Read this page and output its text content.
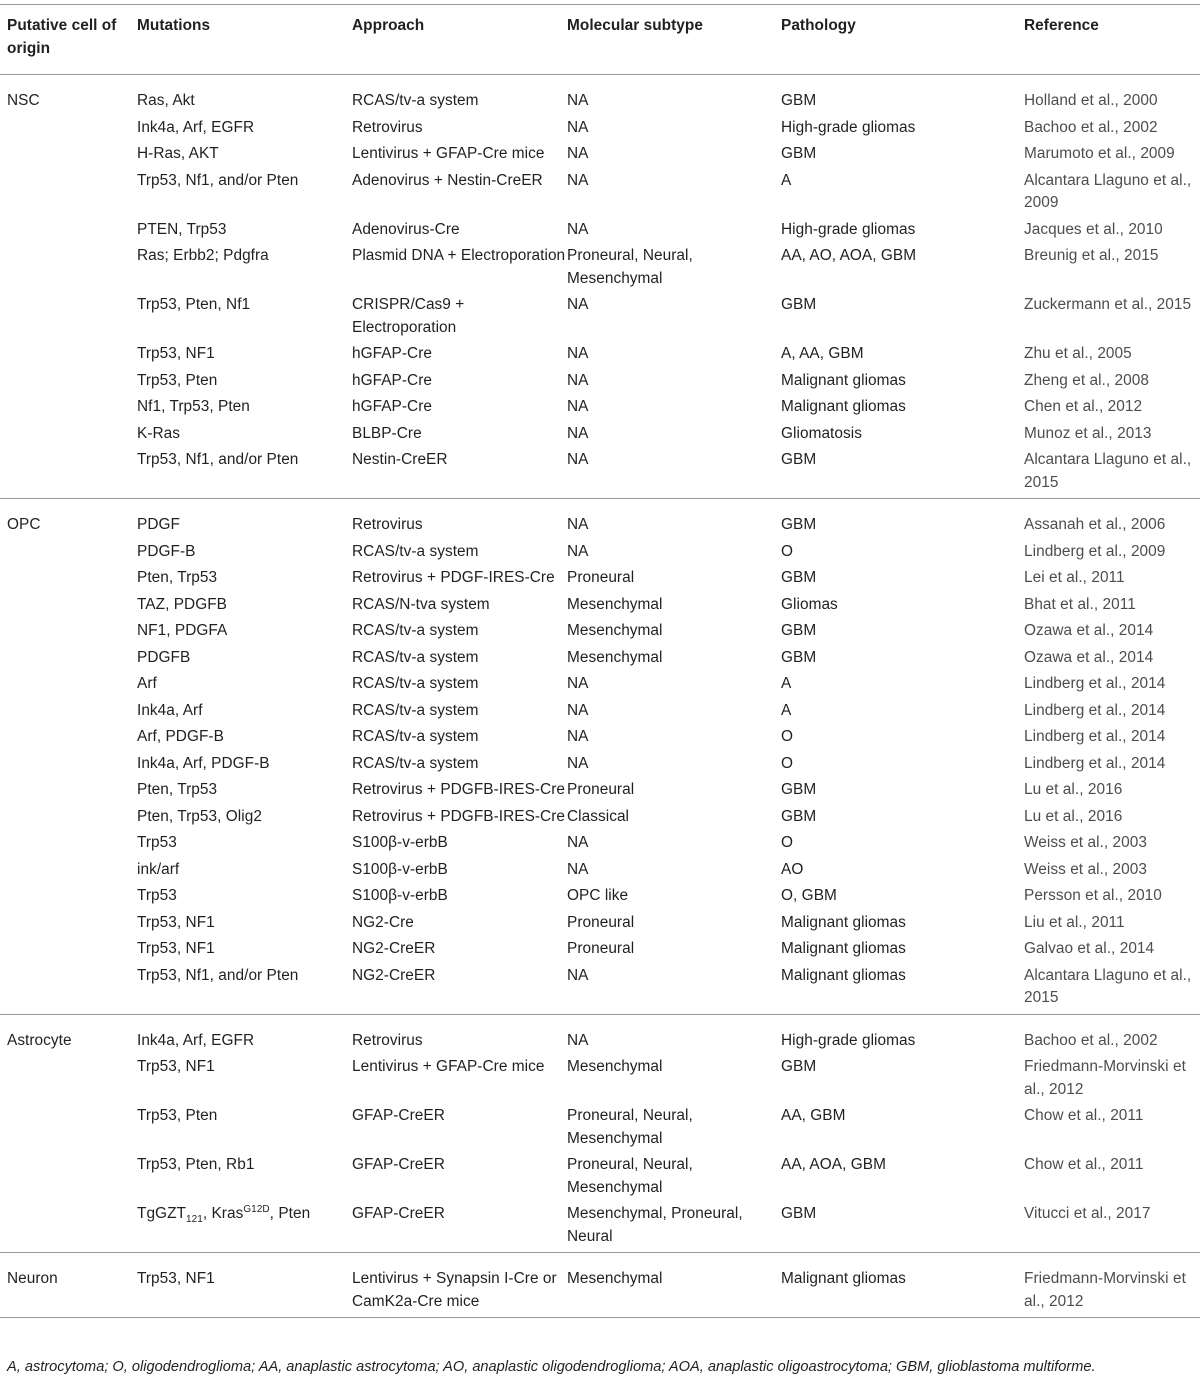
Putative cell of origin	Mutations	Approach	Molecular subtype	Pathology	Reference
NSC	Ras, Akt	RCAS/tv-a system	NA	GBM	Holland et al., 2000
	Ink4a, Arf, EGFR	Retrovirus	NA	High-grade gliomas	Bachoo et al., 2002
	H-Ras, AKT	Lentivirus + GFAP-Cre mice	NA	GBM	Marumoto et al., 2009
	Trp53, Nf1, and/or Pten	Adenovirus + Nestin-CreER	NA	A	Alcantara Llaguno et al., 2009
	PTEN, Trp53	Adenovirus-Cre	NA	High-grade gliomas	Jacques et al., 2010
	Ras; Erbb2; Pdgfra	Plasmid DNA + Electroporation	Proneural, Neural, Mesenchymal	AA, AO, AOA, GBM	Breunig et al., 2015
	Trp53, Pten, Nf1	CRISPR/Cas9 + Electroporation	NA	GBM	Zuckermann et al., 2015
	Trp53, NF1	hGFAP-Cre	NA	A, AA, GBM	Zhu et al., 2005
	Trp53, Pten	hGFAP-Cre	NA	Malignant gliomas	Zheng et al., 2008
	Nf1, Trp53, Pten	hGFAP-Cre	NA	Malignant gliomas	Chen et al., 2012
	K-Ras	BLBP-Cre	NA	Gliomatosis	Munoz et al., 2013
	Trp53, Nf1, and/or Pten	Nestin-CreER	NA	GBM	Alcantara Llaguno et al., 2015
OPC	PDGF	Retrovirus	NA	GBM	Assanah et al., 2006
	PDGF-B	RCAS/tv-a system	NA	O	Lindberg et al., 2009
	Pten, Trp53	Retrovirus + PDGF-IRES-Cre	Proneural	GBM	Lei et al., 2011
	TAZ, PDGFB	RCAS/N-tva system	Mesenchymal	Gliomas	Bhat et al., 2011
	NF1, PDGFA	RCAS/tv-a system	Mesenchymal	GBM	Ozawa et al., 2014
	PDGFB	RCAS/tv-a system	Mesenchymal	GBM	Ozawa et al., 2014
	Arf	RCAS/tv-a system	NA	A	Lindberg et al., 2014
	Ink4a, Arf	RCAS/tv-a system	NA	A	Lindberg et al., 2014
	Arf, PDGF-B	RCAS/tv-a system	NA	O	Lindberg et al., 2014
	Ink4a, Arf, PDGF-B	RCAS/tv-a system	NA	O	Lindberg et al., 2014
	Pten, Trp53	Retrovirus + PDGFB-IRES-Cre	Proneural	GBM	Lu et al., 2016
	Pten, Trp53, Olig2	Retrovirus + PDGFB-IRES-Cre	Classical	GBM	Lu et al., 2016
	Trp53	S100β-v-erbB	NA	O	Weiss et al., 2003
	ink/arf	S100β-v-erbB	NA	AO	Weiss et al., 2003
	Trp53	S100β-v-erbB	OPC like	O, GBM	Persson et al., 2010
	Trp53, NF1	NG2-Cre	Proneural	Malignant gliomas	Liu et al., 2011
	Trp53, NF1	NG2-CreER	Proneural	Malignant gliomas	Galvao et al., 2014
	Trp53, Nf1, and/or Pten	NG2-CreER	NA	Malignant gliomas	Alcantara Llaguno et al., 2015
Astrocyte	Ink4a, Arf, EGFR	Retrovirus	NA	High-grade gliomas	Bachoo et al., 2002
	Trp53, NF1	Lentivirus + GFAP-Cre mice	Mesenchymal	GBM	Friedmann-Morvinski et al., 2012
	Trp53, Pten	GFAP-CreER	Proneural, Neural, Mesenchymal	AA, GBM	Chow et al., 2011
	Trp53, Pten, Rb1	GFAP-CreER	Proneural, Neural, Mesenchymal	AA, AOA, GBM	Chow et al., 2011
	TgGZT$_{121}$, Kras$^{G12D}$, Pten	GFAP-CreER	Mesenchymal, Proneural, Neural	GBM	Vitucci et al., 2017
Neuron	Trp53, NF1	Lentivirus + Synapsin I-Cre or CamK2a-Cre mice	Mesenchymal	Malignant gliomas	Friedmann-Morvinski et al., 2012
A, astrocytoma; O, oligodendroglioma; AA, anaplastic astrocytoma; AO, anaplastic oligodendroglioma; AOA, anaplastic oligoastrocytoma; GBM, glioblastoma multiforme.
